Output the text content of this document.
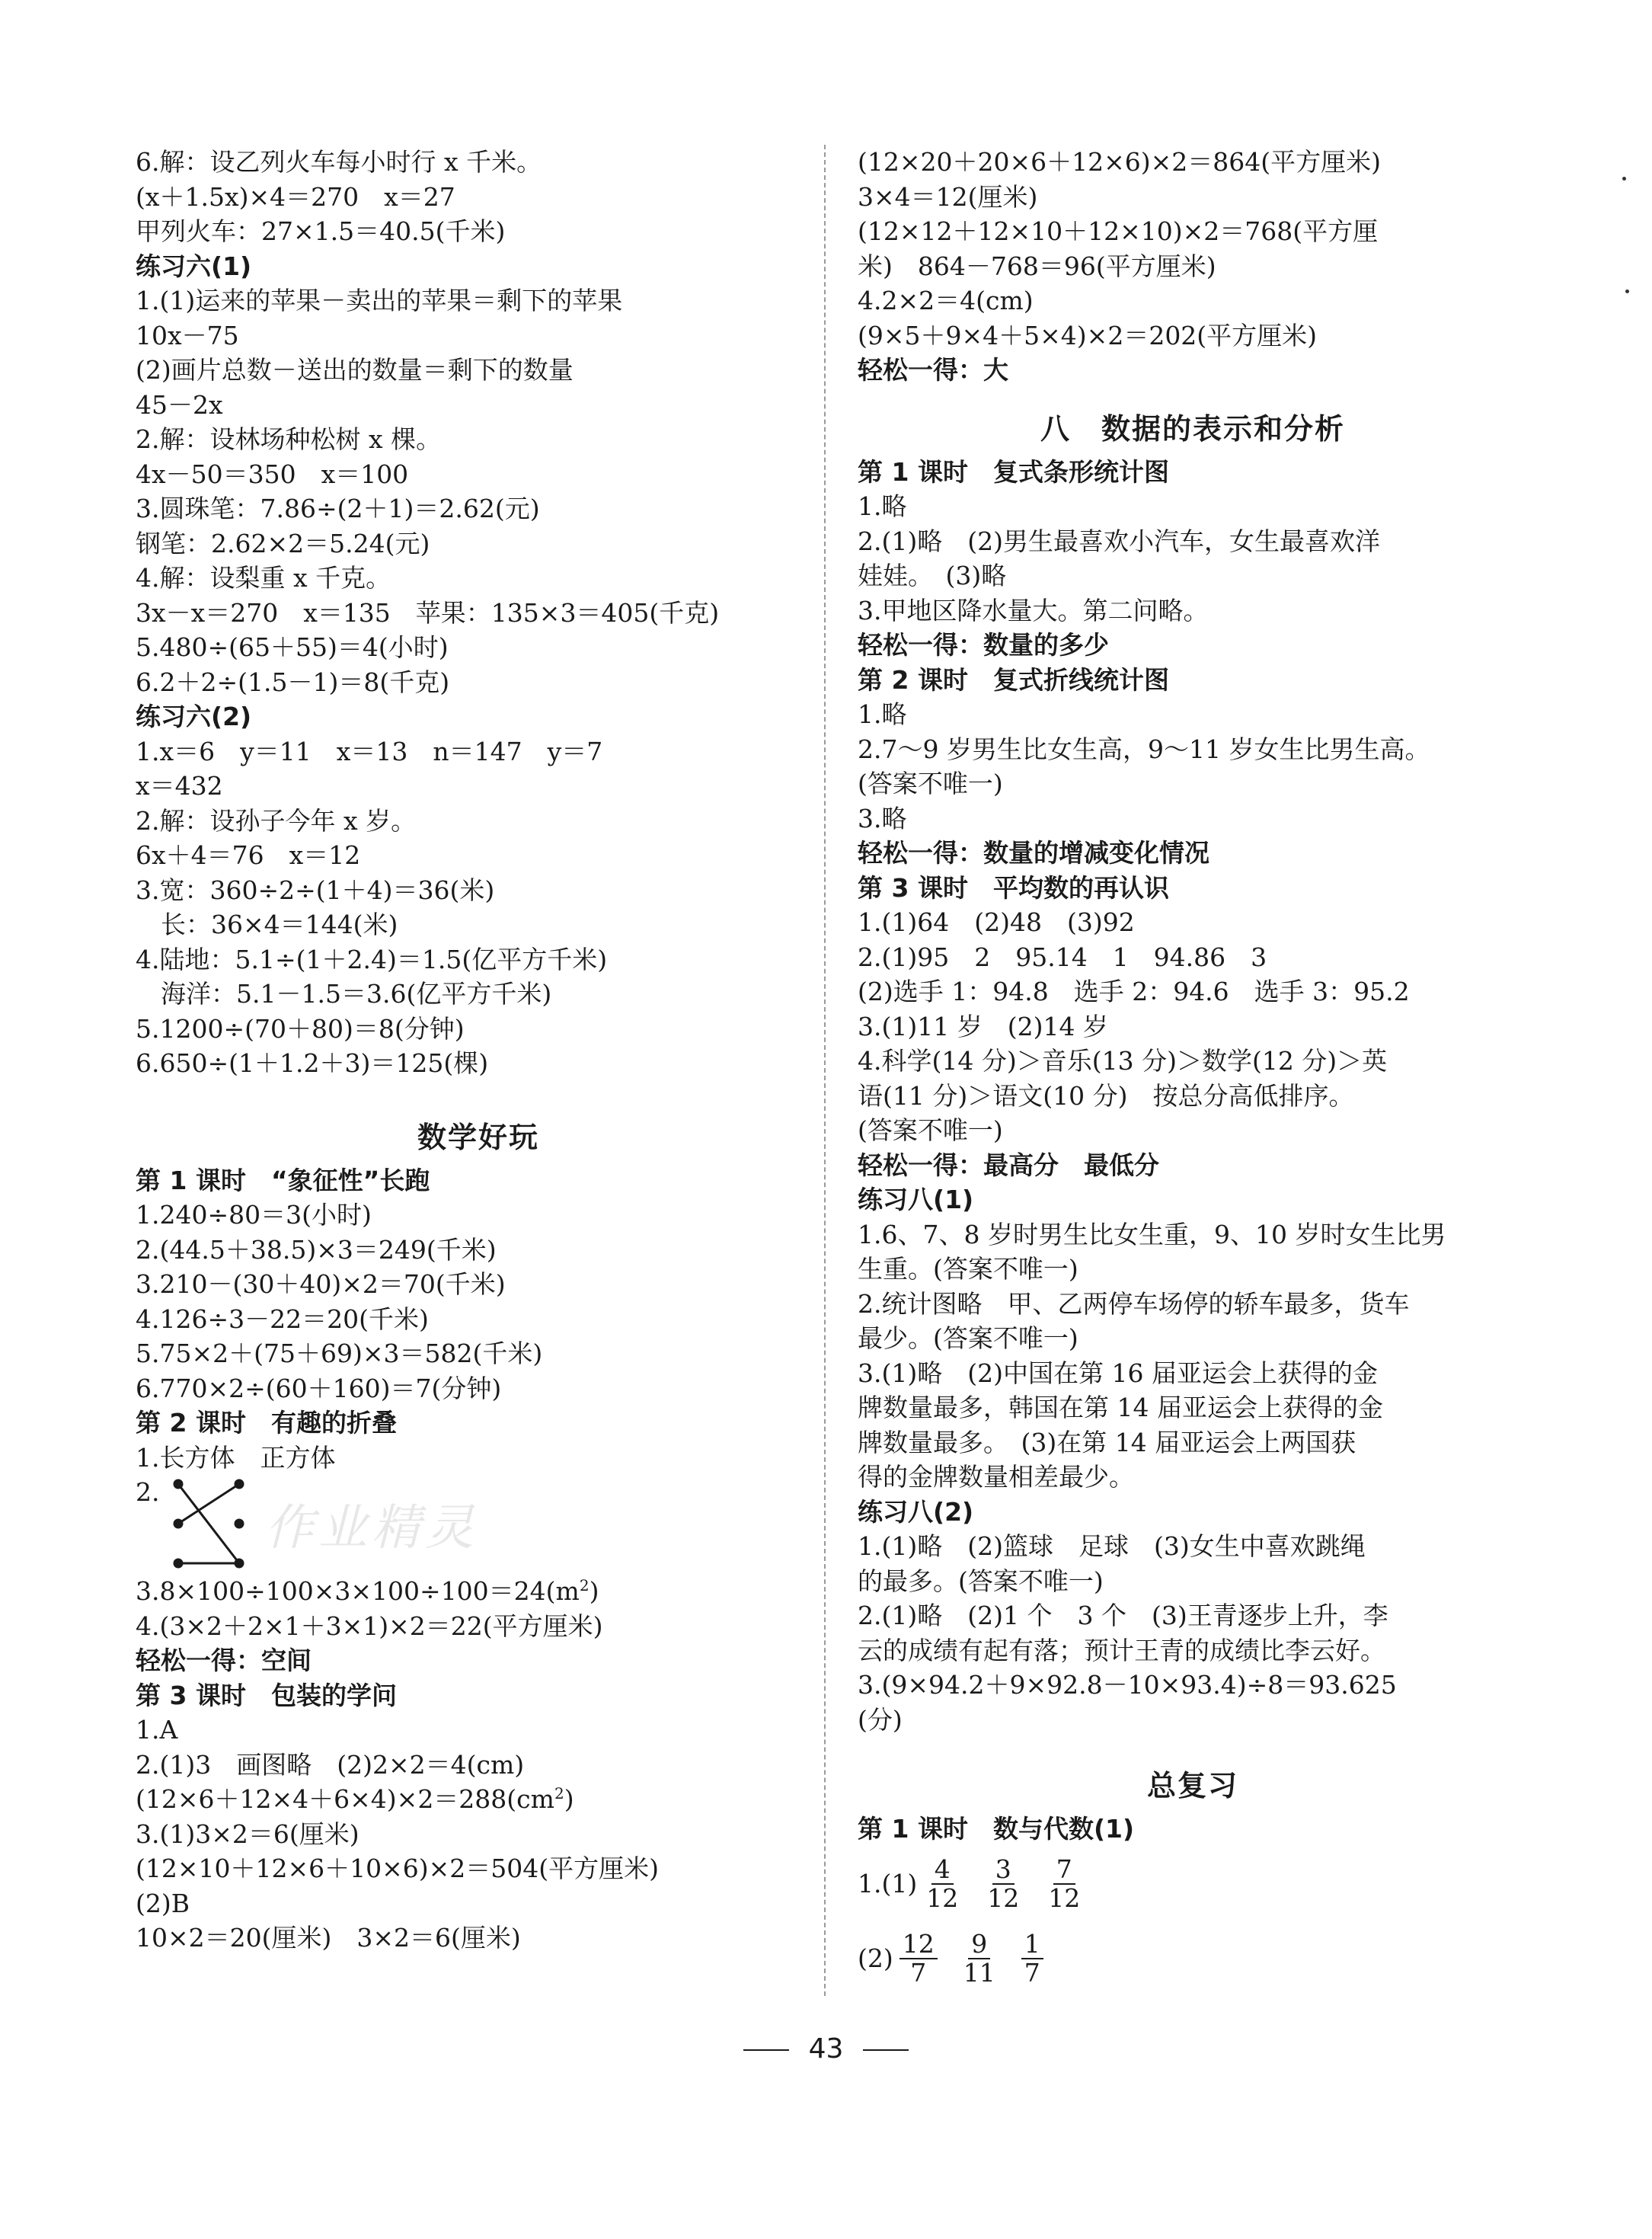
6.解：设乙列火车每小时行 x 千米。
(x＋1.5x)×4＝270　x＝27
甲列火车：27×1.5＝40.5(千米)
练习六(1)
1.(1)运来的苹果－卖出的苹果＝剩下的苹果
10x－75
(2)画片总数－送出的数量＝剩下的数量
45－2x
2.解：设林场种松树 x 棵。
4x－50＝350　x＝100
3.圆珠笔：7.86÷(2＋1)＝2.62(元)
钢笔：2.62×2＝5.24(元)
4.解：设梨重 x 千克。
3x－x＝270　x＝135　苹果：135×3＝405(千克)
5.480÷(65＋55)＝4(小时)
6.2＋2÷(1.5－1)＝8(千克)
练习六(2)
1.x＝6　y＝11　x＝13　n＝147　y＝7
x＝432
2.解：设孙子今年 x 岁。
6x＋4＝76　x＝12
3.宽：360÷2÷(1＋4)＝36(米)
长：36×4＝144(米)
4.陆地：5.1÷(1＋2.4)＝1.5(亿平方千米)
海洋：5.1－1.5＝3.6(亿平方千米)
5.1200÷(70＋80)＝8(分钟)
6.650÷(1＋1.2＋3)＝125(棵)
数学好玩
第 1 课时　“象征性”长跑
1.240÷80＝3(小时)
2.(44.5＋38.5)×3＝249(千米)
3.210－(30＋40)×2＝70(千米)
4.126÷3－22＝20(千米)
5.75×2＋(75＋69)×3＝582(千米)
6.770×2÷(60＋160)＝7(分钟)
第 2 课时　有趣的折叠
1.长方体　正方体
2.
作业精灵
$3.8\times 100\div 100\times 3\times 100\div 100=24(m^2)$
4.(3×2＋2×1＋3×1)×2＝22(平方厘米)
轻松一得：空间
第 3 课时　包装的学问
1.A
2.(1)3　画图略　(2)2×2＝4(cm)
$(12\times 6+12\times 4+6\times 4)\times 2=288(cm^2)$
3.(1)3×2＝6(厘米)
(12×10＋12×6＋10×6)×2＝504(平方厘米)
(2)B
10×2＝20(厘米)　3×2＝6(厘米)
(12×20＋20×6＋12×6)×2＝864(平方厘米)
3×4＝12(厘米)
(12×12＋12×10＋12×10)×2＝768(平方厘
米)　864－768＝96(平方厘米)
4.2×2＝4(cm)
(9×5＋9×4＋5×4)×2＝202(平方厘米)
轻松一得：大
八　数据的表示和分析
第 1 课时　复式条形统计图
1.略
2.(1)略　(2)男生最喜欢小汽车，女生最喜欢洋
娃娃。　(3)略
3.甲地区降水量大。第二问略。
轻松一得：数量的多少
第 2 课时　复式折线统计图
1.略
2.7～9 岁男生比女生高，9～11 岁女生比男生高。
(答案不唯一)
3.略
轻松一得：数量的增减变化情况
第 3 课时　平均数的再认识
1.(1)64　(2)48　(3)92
2.(1)95　2　95.14　1　94.86　3
(2)选手 1：94.8　选手 2：94.6　选手 3：95.2
3.(1)11 岁　(2)14 岁
4.科学(14 分)＞音乐(13 分)＞数学(12 分)＞英
语(11 分)＞语文(10 分)　按总分高低排序。
(答案不唯一)
轻松一得：最高分　最低分
练习八(1)
1.6、7、8 岁时男生比女生重，9、10 岁时女生比男
生重。(答案不唯一)
2.统计图略　甲、乙两停车场停的轿车最多，货车
最少。(答案不唯一)
3.(1)略　(2)中国在第 16 届亚运会上获得的金
牌数量最多，韩国在第 14 届亚运会上获得的金
牌数量最多。　(3)在第 14 届亚运会上两国获
得的金牌数量相差最少。
练习八(2)
1.(1)略　(2)篮球　足球　(3)女生中喜欢跳绳
的最多。(答案不唯一)
2.(1)略　(2)1 个　3 个　(3)王青逐步上升，李
云的成绩有起有落；预计王青的成绩比李云好。
3.(9×94.2＋9×92.8－10×93.4)÷8＝93.625
(分)
总复习
第 1 课时　数与代数(1)
1.(1) 4
12
3
12
7
12
(2) 12
7
9
11
1
7
43
